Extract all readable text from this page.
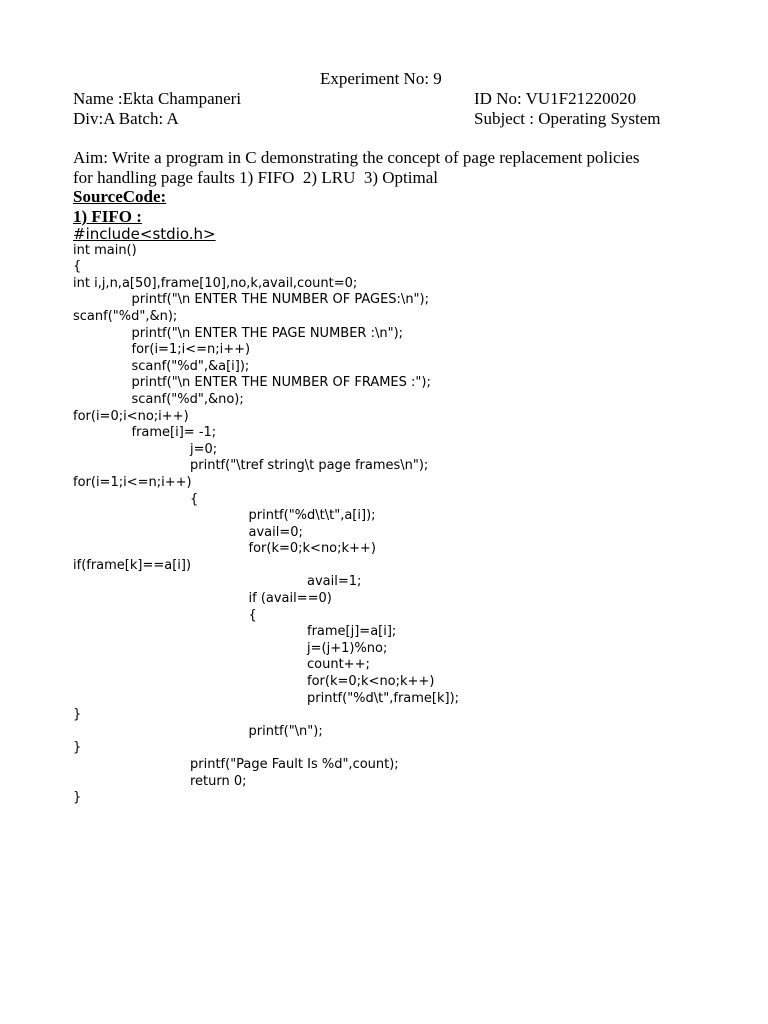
Experiment No: 9
Name :Ekta Champaneri	ID No: VU1F21220020
Div:A Batch: A	Subject : Operating System
Aim: Write a program in C demonstrating the concept of page replacement policies
for handling page faults 1) FIFO  2) LRU  3) Optimal
SourceCode:
1) FIFO :
#include<stdio.h>
int main()
{
int i,j,n,a[50],frame[10],no,k,avail,count=0;
printf("\n ENTER THE NUMBER OF PAGES:\n");
scanf("%d",&n);
printf("\n ENTER THE PAGE NUMBER :\n");
for(i=1;i<=n;i++)
scanf("%d",&a[i]);
printf("\n ENTER THE NUMBER OF FRAMES :");
scanf("%d",&no);
for(i=0;i<no;i++)
frame[i]= -1;
j=0;
printf("\tref string\t page frames\n");
for(i=1;i<=n;i++)
{
printf("%d\t\t",a[i]);
avail=0;
for(k=0;k<no;k++)
if(frame[k]==a[i])
avail=1;
if (avail==0)
{
frame[j]=a[i];
j=(j+1)%no;
count++;
for(k=0;k<no;k++)
printf("%d\t",frame[k]);
}
printf("\n");
}
printf("Page Fault Is %d",count);
return 0;
}
